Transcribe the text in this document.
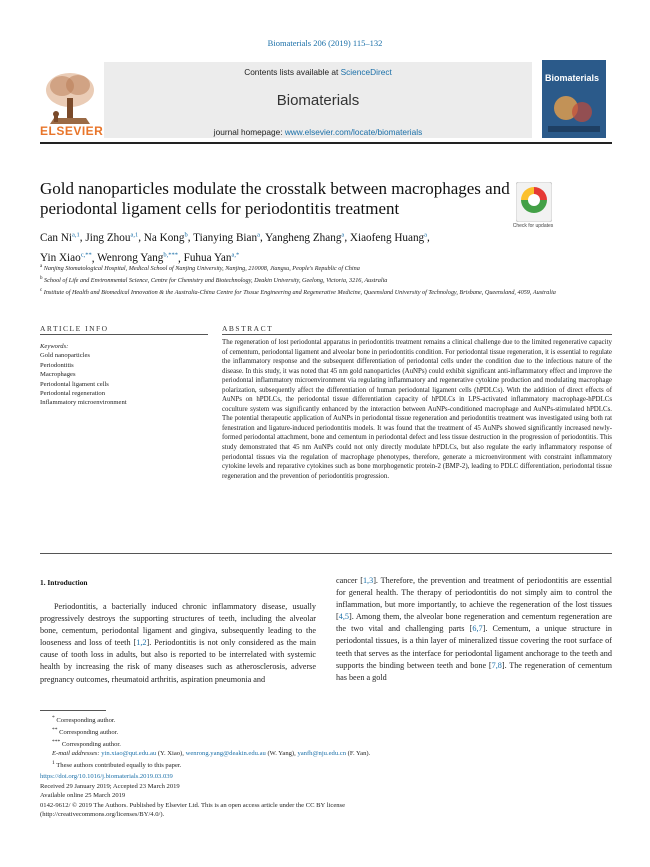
Biomaterials 206 (2019) 115–132
Contents lists available at ScienceDirect
Biomaterials
journal homepage: www.elsevier.com/locate/biomaterials
ELSEVIER
Biomaterials
Gold nanoparticles modulate the crosstalk between macrophages and periodontal ligament cells for periodontitis treatment
Check for updates
Can Ni$^{a,1}$, Jing Zhou$^{a,1}$, Na Kong$^b$, Tianying Bian$^a$, Yangheng Zhang$^a$, Xiaofeng Huang$^a$,
Yin Xiao$^{c,**}$, Wenrong Yang$^{b,***}$, Fuhua Yan$^{a,*}$
$^a$ Nanjing Stomatological Hospital, Medical School of Nanjing University, Nanjing, 210008, Jiangsu, People's Republic of China
$^b$ School of Life and Environmental Science, Centre for Chemistry and Biotechnology, Deakin University, Geelong, Victoria, 3216, Australia
$^c$ Institute of Health and Biomedical Innovation & the Australia-China Centre for Tissue Engineering and Regenerative Medicine, Queensland University of Technology, Brisbane, Queensland, 4059, Australia
ARTICLE INFO	ABSTRACT
Keywords:
Gold nanoparticles
Periodontitis
Macrophages
Periodontal ligament cells
Periodontal regeneration
Inflammatory microenvironment
The regeneration of lost periodontal apparatus in periodontitis treatment remains a clinical challenge due to the limited regenerative capacity of cementum, periodontal ligament and alveolar bone in periodontitis condition. For periodontal tissue regeneration, it is essential to regulate the inflammatory response and the subsequent differentiation of periodontal cells under the condition due to the infectious nature of the disease. In this study, it was noted that 45 nm gold nanoparticles (AuNPs) could exhibit significant anti-inflammatory effect and improve the periodontal inflammatory microenvironment via regulating inflammatory and regenerative cytokine production and modulating macrophage polarization, subsequently affect the differentiation of human periodontal ligament cells (hPDLCs). With the addition of direct effects of AuNPs on hPDLCs, the periodontal tissue differentiation capacity of hPDLCs in LPS-activated inflammatory macrophage-hPDLCs coculture system was significantly enhanced by the interaction between AuNPs-conditioned macrophage and AuNPs-stimulated hPDLCs. The potential therapeutic application of AuNPs in periodontal tissue regeneration and periodontitis treatment was investigated using both rat fenestration and ligature-induced periodontitis models. It was found that the treatment of 45 AuNPs showed significantly increased newly-formed periodontal attachment, bone and cementum in periodontal defect and less tissue destruction in the progression of periodontitis. This study demonstrated that 45 nm AuNPs could not only directly modulate hPDLCs, but also regulate the early inflammatory response of periodontal tissues via the regulation of macrophage phenotypes, therefore, generate a microenvironment with constraint inflammatory cytokine levels and reparative cytokines such as bone morphogenetic protein-2 (BMP-2), leading to PDLC differentiation, periodontal tissue regeneration and the prevention of periodontitis progression.
1. Introduction
Periodontitis, a bacterially induced chronic inflammatory disease, usually progressively destroys the supporting structures of teeth, including the alveolar bone, cementum, periodontal ligament and gingiva, subsequently leading to the looseness and loss of teeth [1,2]. Periodontitis is not only considered as the main cause of tooth loss in adults, but also is reported to be interrelated with systemic health by increasing the risk of many diseases such as atherosclerosis, adverse pregnancy outcomes, rheumatoid arthritis, aspiration pneumonia and
cancer [1,3]. Therefore, the prevention and treatment of periodontitis are essential for general health. The therapy of periodontitis do not simply aim to control the inflammation, but more importantly, to achieve the regeneration of the lost tissues [4,5]. Among them, the alveolar bone regeneration and cementum regeneration are the two vital and challenging parts [6,7]. Cementum, a unique structure in periodontal tissues, is a thin layer of mineralized tissue covering the root surface of teeth that serves as the interface for periodontal ligament anchorage to the teeth and supports the binding between teeth and bone [7,8]. The regeneration of cementum has been a gold
* Corresponding author.
** Corresponding author.
*** Corresponding author.
E-mail addresses: yin.xiao@qut.edu.au (Y. Xiao), wenrong.yang@deakin.edu.au (W. Yang), yanfh@nju.edu.cn (F. Yan).
$^1$ These authors contributed equally to this paper.
https://doi.org/10.1016/j.biomaterials.2019.03.039
Received 29 January 2019; Accepted 23 March 2019
Available online 25 March 2019
0142-9612/ © 2019 The Authors. Published by Elsevier Ltd. This is an open access article under the CC BY license
(http://creativecommons.org/licenses/BY/4.0/).
